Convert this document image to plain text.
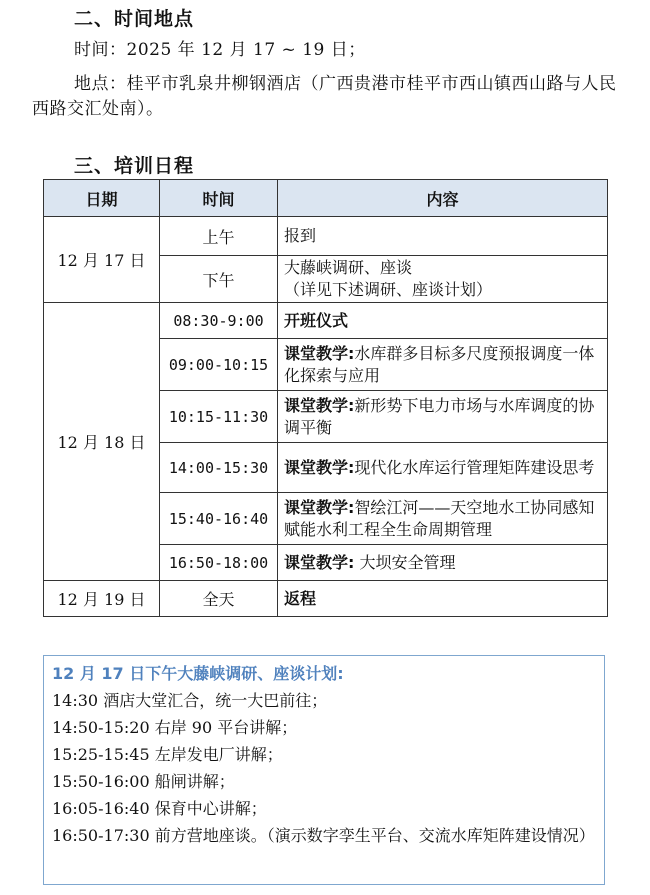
二、时间地点
时间：2025 年 12 月 17 ~ 19 日；
地点：桂平市乳泉井柳钢酒店（广西贵港市桂平市西山镇西山路与人民西路交汇处南）。
三、培训日程
日期	时间	内容
12 月 17 日	上午	报到
	下午	大藤峡调研、座谈
（详见下述调研、座谈计划）
12 月 18 日	08:30-9:00	开班仪式
	09:00-10:15	课堂教学:水库群多目标多尺度预报调度一体化探索与应用
	10:15-11:30	课堂教学:新形势下电力市场与水库调度的协调平衡
	14:00-15:30	课堂教学:现代化水库运行管理矩阵建设思考
	15:40-16:40	课堂教学:智绘江河——天空地水工协同感知赋能水利工程全生命周期管理
	16:50-18:00	课堂教学: 大坝安全管理
12 月 19 日	全天	返程
12 月 17 日下午大藤峡调研、座谈计划:
14:30 酒店大堂汇合，统一大巴前往；
14:50-15:20 右岸 90 平台讲解；
15:25-15:45 左岸发电厂讲解；
15:50-16:00 船闸讲解；
16:05-16:40 保育中心讲解；
16:50-17:30 前方营地座谈。（演示数字孪生平台、交流水库矩阵建设情况）
